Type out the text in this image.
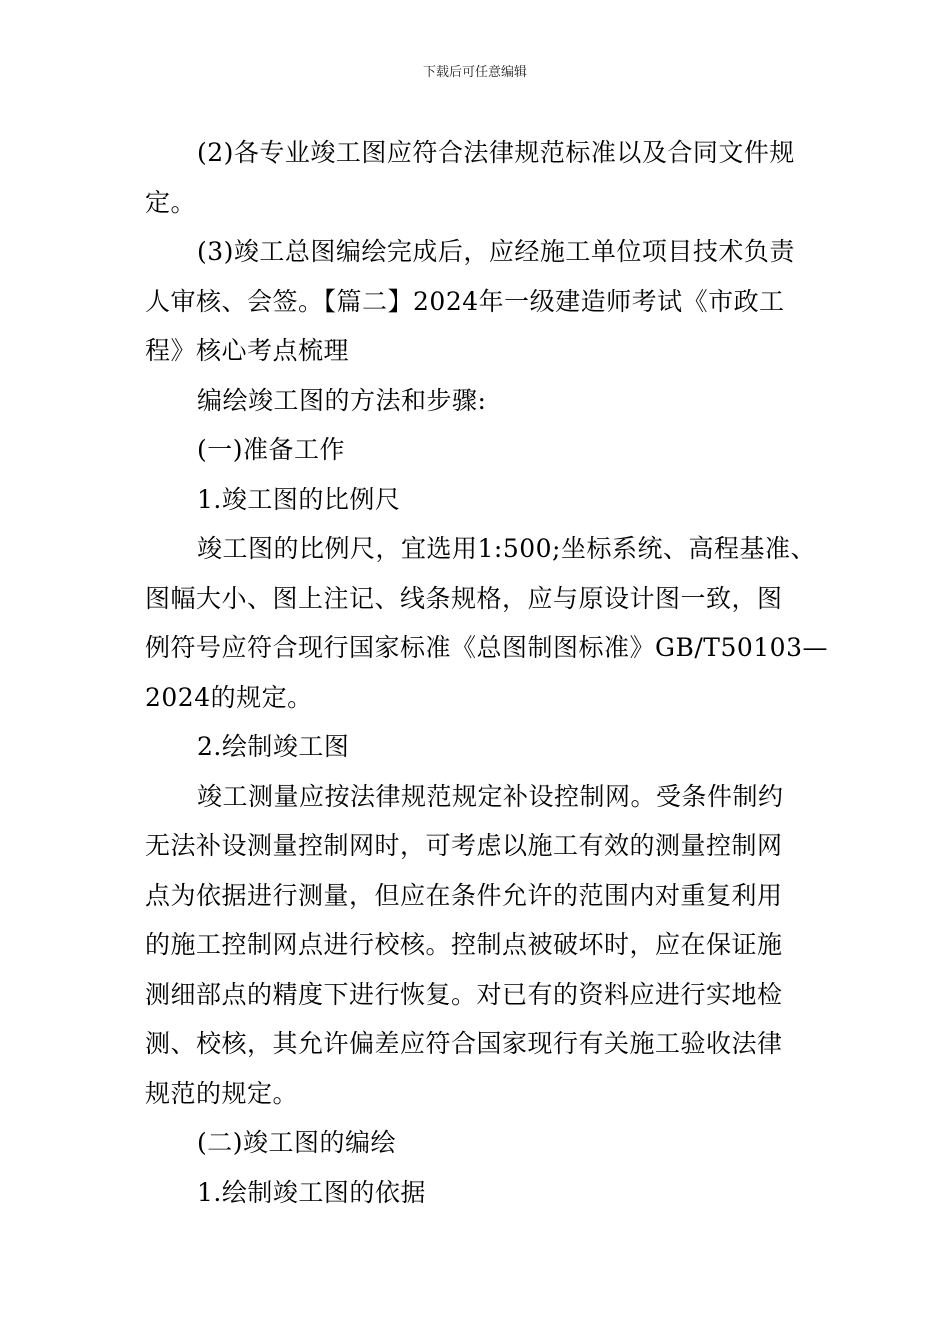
下载后可任意编辑
(2)各专业竣工图应符合法律规范标准以及合同文件规
定。
(3)竣工总图编绘完成后，应经施工单位项目技术负责
人审核、会签。【篇二】2024年一级建造师考试《市政工
程》核心考点梳理
编绘竣工图的方法和步骤:
(一)准备工作
1.竣工图的比例尺
竣工图的比例尺，宜选用1:500;坐标系统、高程基准、
图幅大小、图上注记、线条规格，应与原设计图一致，图
例符号应符合现行国家标准《总图制图标准》GB/T50103—
2024的规定。
2.绘制竣工图
竣工测量应按法律规范规定补设控制网。受条件制约
无法补设测量控制网时，可考虑以施工有效的测量控制网
点为依据进行测量，但应在条件允许的范围内对重复利用
的施工控制网点进行校核。控制点被破坏时，应在保证施
测细部点的精度下进行恢复。对已有的资料应进行实地检
测、校核，其允许偏差应符合国家现行有关施工验收法律
规范的规定。
(二)竣工图的编绘
1.绘制竣工图的依据
